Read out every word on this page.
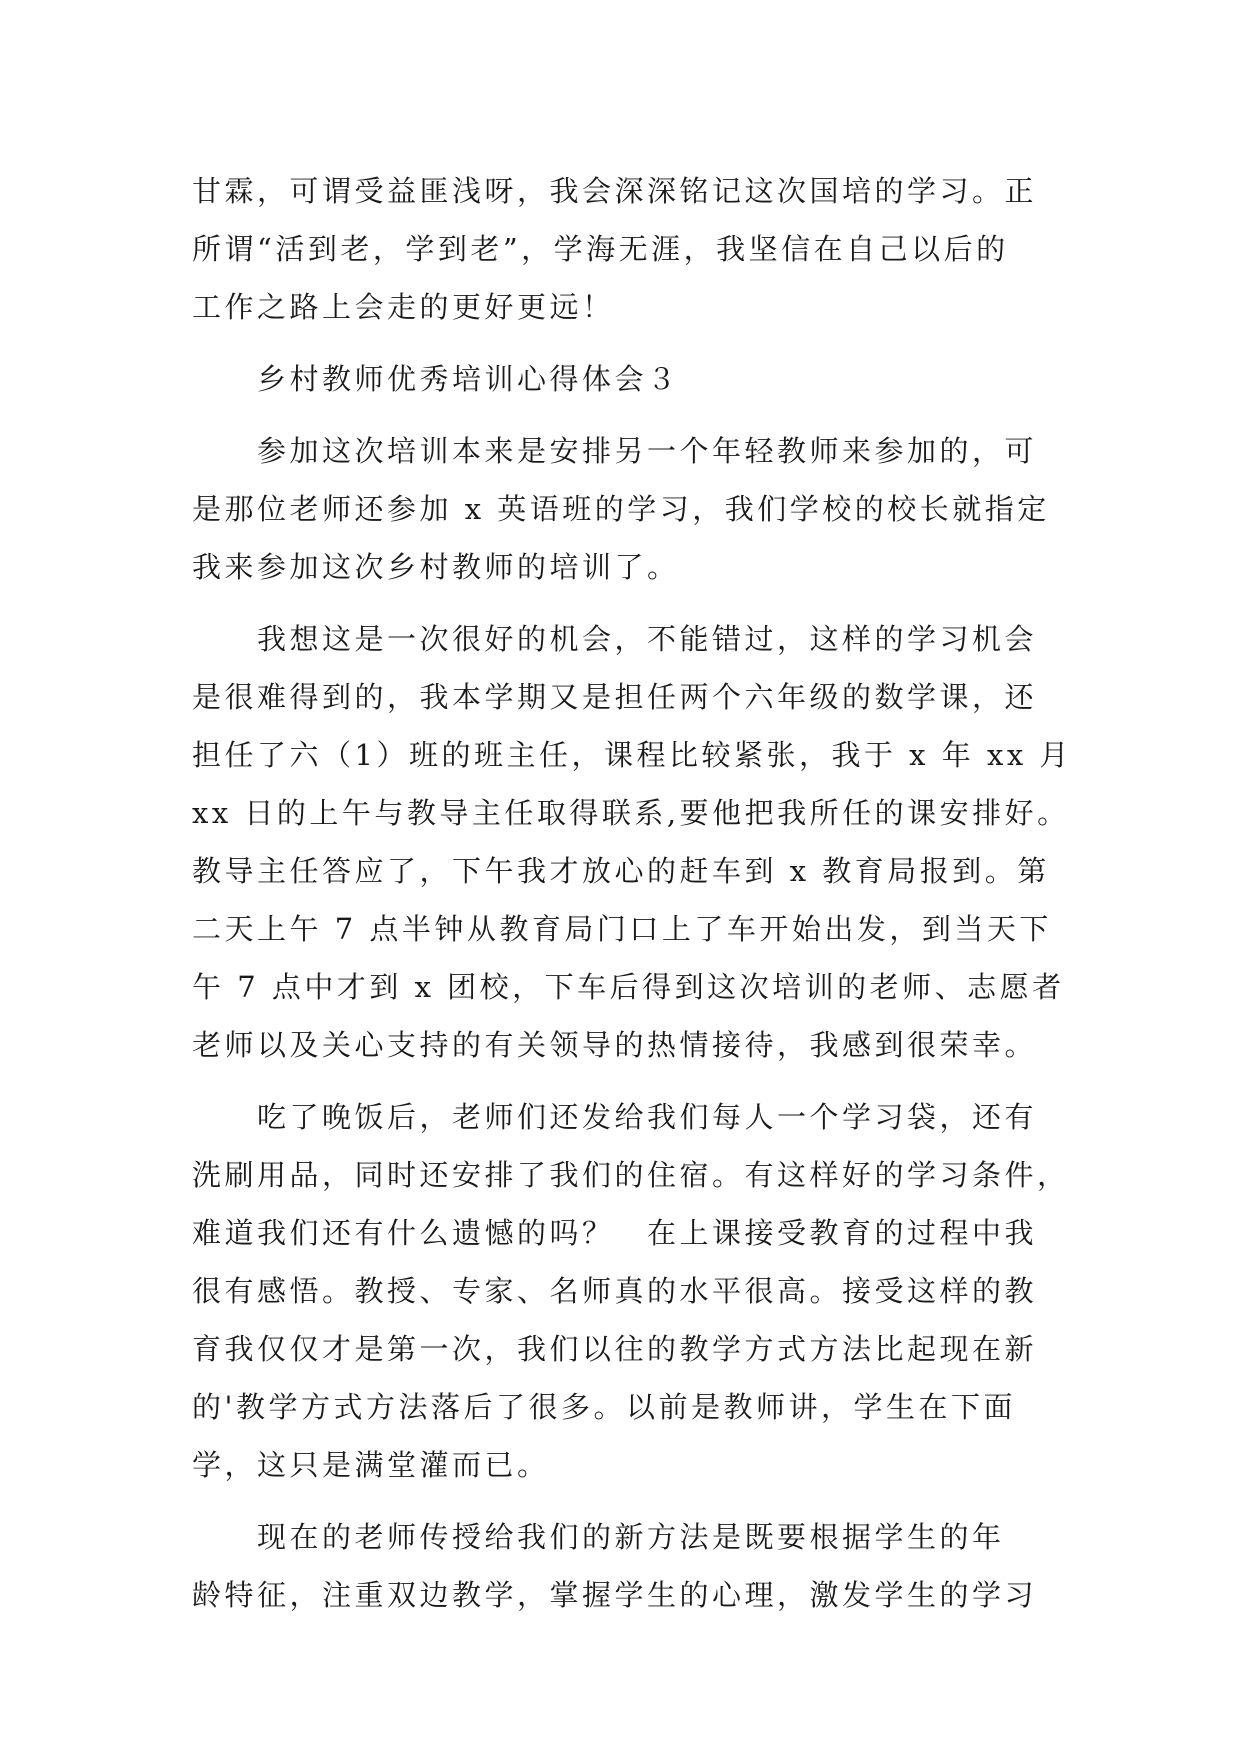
甘霖，可谓受益匪浅呀，我会深深铭记这次国培的学习。正
所谓“活到老，学到老”，学海无涯，我坚信在自己以后的
工作之路上会走的更好更远！
　　乡村教师优秀培训心得体会３
　　参加这次培训本来是安排另一个年轻教师来参加的，可
是那位老师还参加 x 英语班的学习，我们学校的校长就指定
我来参加这次乡村教师的培训了。
　　我想这是一次很好的机会，不能错过，这样的学习机会
是很难得到的，我本学期又是担任两个六年级的数学课，还
担任了六（1）班的班主任，课程比较紧张，我于 x 年 xx 月
xx 日的上午与教导主任取得联系,要他把我所任的课安排好。
教导主任答应了，下午我才放心的赶车到 x 教育局报到。第
二天上午 7 点半钟从教育局门口上了车开始出发，到当天下
午 7 点中才到 x 团校，下车后得到这次培训的老师、志愿者
老师以及关心支持的有关领导的热情接待，我感到很荣幸。
　　吃了晚饭后，老师们还发给我们每人一个学习袋，还有
洗刷用品，同时还安排了我们的住宿。有这样好的学习条件，
难道我们还有什么遗憾的吗？　在上课接受教育的过程中我
很有感悟。教授、专家、名师真的水平很高。接受这样的教
育我仅仅才是第一次，我们以往的教学方式方法比起现在新
的'教学方式方法落后了很多。以前是教师讲，学生在下面
学，这只是满堂灌而已。
　　现在的老师传授给我们的新方法是既要根据学生的年
龄特征，注重双边教学，掌握学生的心理，激发学生的学习
